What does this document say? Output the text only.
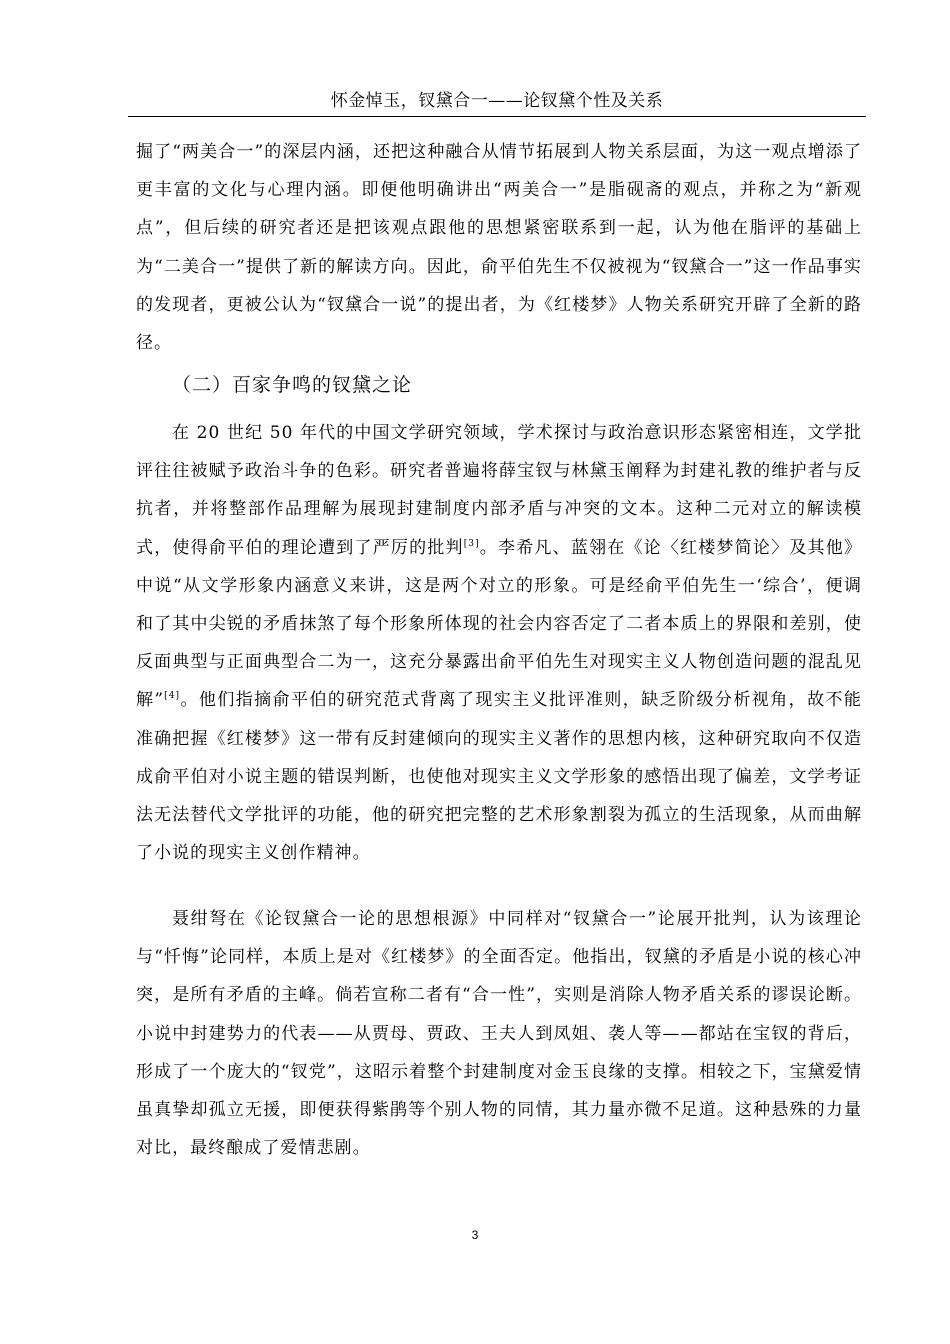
怀金悼玉，钗黛合一——论钗黛个性及关系

掘了“两美合一”的深层内涵，还把这种融合从情节拓展到人物关系层面，为这一观点增添了更丰富的文化与心理内涵。即便他明确讲出“两美合一”是脂砚斋的观点，并称之为“新观点”，但后续的研究者还是把该观点跟他的思想紧密联系到一起，认为他在脂评的基础上为“二美合一”提供了新的解读方向。因此，俞平伯先生不仅被视为“钗黛合一”这一作品事实的发现者，更被公认为“钗黛合一说”的提出者，为《红楼梦》人物关系研究开辟了全新的路径。

（二）百家争鸣的钗黛之论

在 20 世纪 50 年代的中国文学研究领域，学术探讨与政治意识形态紧密相连，文学批评往往被赋予政治斗争的色彩。研究者普遍将薛宝钗与林黛玉阐释为封建礼教的维护者与反抗者，并将整部作品理解为展现封建制度内部矛盾与冲突的文本。这种二元对立的解读模式，使得俞平伯的理论遭到了严厉的批判[3]。李希凡、蓝翎在《论〈红楼梦简论〉及其他》中说“从文学形象内涵意义来讲，这是两个对立的形象。可是经俞平伯先生一‘综合’，便调和了其中尖锐的矛盾抹煞了每个形象所体现的社会内容否定了二者本质上的界限和差别，使反面典型与正面典型合二为一，这充分暴露出俞平伯先生对现实主义人物创造问题的混乱见解”[4]。他们指摘俞平伯的研究范式背离了现实主义批评准则，缺乏阶级分析视角，故不能准确把握《红楼梦》这一带有反封建倾向的现实主义著作的思想内核，这种研究取向不仅造成俞平伯对小说主题的错误判断，也使他对现实主义文学形象的感悟出现了偏差，文学考证法无法替代文学批评的功能，他的研究把完整的艺术形象割裂为孤立的生活现象，从而曲解了小说的现实主义创作精神。

聂绀弩在《论钗黛合一论的思想根源》中同样对“钗黛合一”论展开批判，认为该理论与“忏悔”论同样，本质上是对《红楼梦》的全面否定。他指出，钗黛的矛盾是小说的核心冲突，是所有矛盾的主峰。倘若宣称二者有“合一性”，实则是消除人物矛盾关系的谬误论断。小说中封建势力的代表——从贾母、贾政、王夫人到凤姐、袭人等——都站在宝钗的背后，形成了一个庞大的“钗党”，这昭示着整个封建制度对金玉良缘的支撑。相较之下，宝黛爱情虽真挚却孤立无援，即便获得紫鹃等个别人物的同情，其力量亦微不足道。这种悬殊的力量对比，最终酿成了爱情悲剧。

3
